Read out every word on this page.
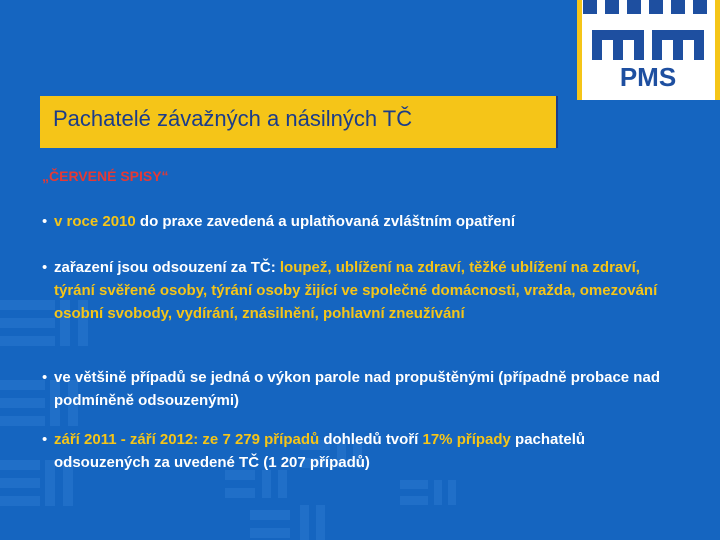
PMS
Pachatelé závažných a násilných TČ
„ČERVENÉ SPISY“
• v roce 2010 do praxe zavedená a uplatňovaná zvláštním opatření
• zařazení jsou odsouzení za TČ: loupež, ublížení na zdraví, těžké ublížení na zdraví, týrání svěřené osoby, týrání osoby žijící ve společné domácnosti, vražda, omezování osobní svobody, vydírání, znásilnění, pohlavní zneužívání
• ve většině případů se jedná o výkon parole nad propuštěnými (případně probace nad podmíněně odsouzenými)
• září 2011 - září 2012: ze 7 279 případů dohledů tvoří 17% případy pachatelů odsouzených za uvedené TČ (1 207 případů)
